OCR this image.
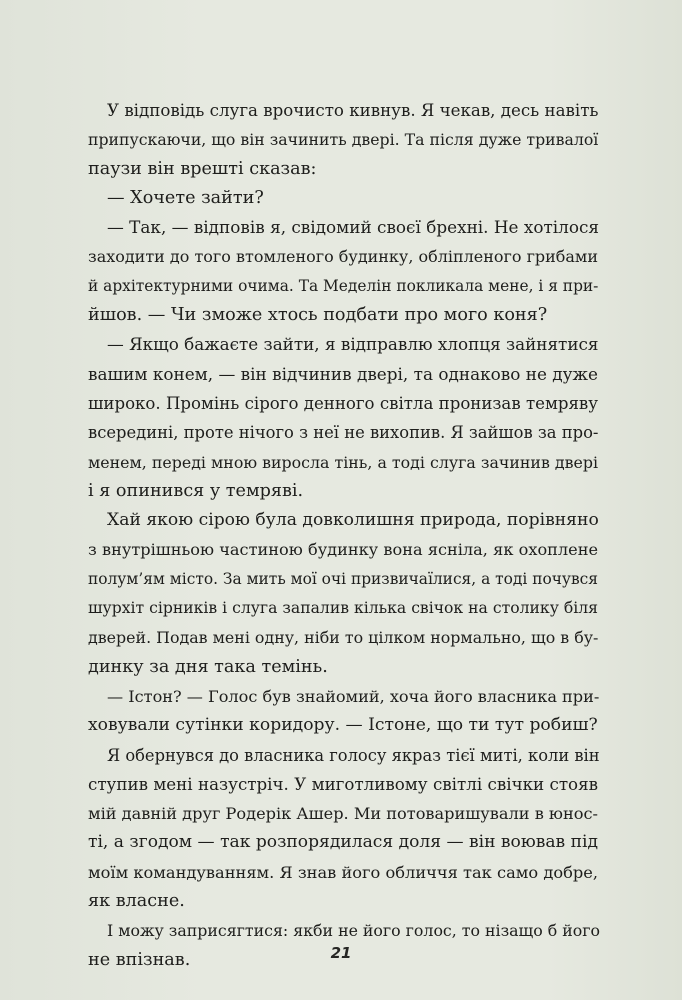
У відповідь слуга врочисто кивнув. Я чекав, десь навіть
припускаючи, що він зачинить двері. Та після дуже тривалої
паузи він врешті сказав:

— Хочете зайти?

— Так, — відповів я, свідомий своєї брехні. Не хотілося
заходити до того втомленого будинку, обліпленого грибами
й архітектурними очима. Та Меделін покликала мене, і я при-
йшов. — Чи зможе хтось подбати про мого коня?

— Якщо бажаєте зайти, я відправлю хлопця зайнятися
вашим конем, — він відчинив двері, та однаково не дуже
широко. Промінь сірого денного світла пронизав темряву
всередині, проте нічого з неї не вихопив. Я зайшов за про-
менем, переді мною виросла тінь, а тоді слуга зачинив двері
і я опинився у темряві.

Хай якою сірою була довколишня природа, порівняно
з внутрішньою частиною будинку вона ясніла, як охоплене
полум’ям місто. За мить мої очі призвичаїлися, а тоді почувся
шурхіт сірників і слуга запалив кілька свічок на столику біля
дверей. Подав мені одну, ніби то цілком нормально, що в бу-
динку за дня така темінь.

— Істон? — Голос був знайомий, хоча його власника при-
ховували сутінки коридору. — Істоне, що ти тут робиш?

Я обернувся до власника голосу якраз тієї миті, коли він
ступив мені назустріч. У миготливому світлі свічки стояв
мій давній друг Родерік Ашер. Ми потоваришували в юнос-
ті, а згодом — так розпорядилася доля — він воював під
моїм командуванням. Я знав його обличчя так само добре,
як власне.

І можу заприсягтися: якби не його голос, то нізащо б його
не впізнав.	21
